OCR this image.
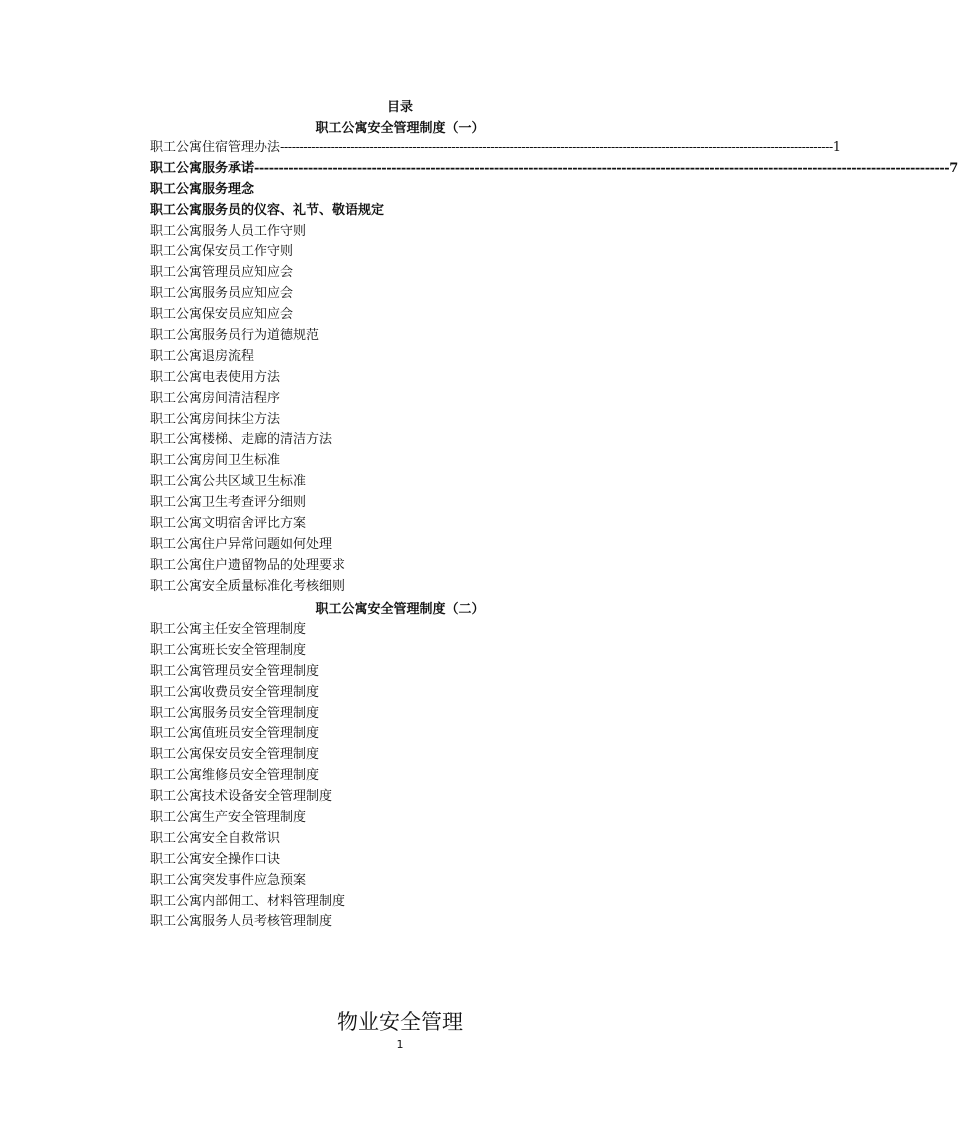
目录
职工公寓安全管理制度（一）
职工公寓住宿管理办法 ---------------------------------------------------------------------------------------------------------------------------------------------- 1
职工公寓服务承诺 ---------------------------------------------------------------------------------------------------------------------------------------------- 7
职工公寓服务理念
职工公寓服务员的仪容、礼节、敬语规定
职工公寓服务人员工作守则
职工公寓保安员工作守则
职工公寓管理员应知应会
职工公寓服务员应知应会
职工公寓保安员应知应会
职工公寓服务员行为道德规范
职工公寓退房流程
职工公寓电表使用方法
职工公寓房间清洁程序
职工公寓房间抹尘方法
职工公寓楼梯、走廊的清洁方法
职工公寓房间卫生标准
职工公寓公共区域卫生标准
职工公寓卫生考查评分细则
职工公寓文明宿舍评比方案
职工公寓住户异常问题如何处理
职工公寓住户遗留物品的处理要求
职工公寓安全质量标准化考核细则
职工公寓安全管理制度（二）
职工公寓主任安全管理制度
职工公寓班长安全管理制度
职工公寓管理员安全管理制度
职工公寓收费员安全管理制度
职工公寓服务员安全管理制度
职工公寓值班员安全管理制度
职工公寓保安员安全管理制度
职工公寓维修员安全管理制度
职工公寓技术设备安全管理制度
职工公寓生产安全管理制度
职工公寓安全自救常识
职工公寓安全操作口诀
职工公寓突发事件应急预案
职工公寓内部佣工、材料管理制度
职工公寓服务人员考核管理制度
物业安全管理
1
